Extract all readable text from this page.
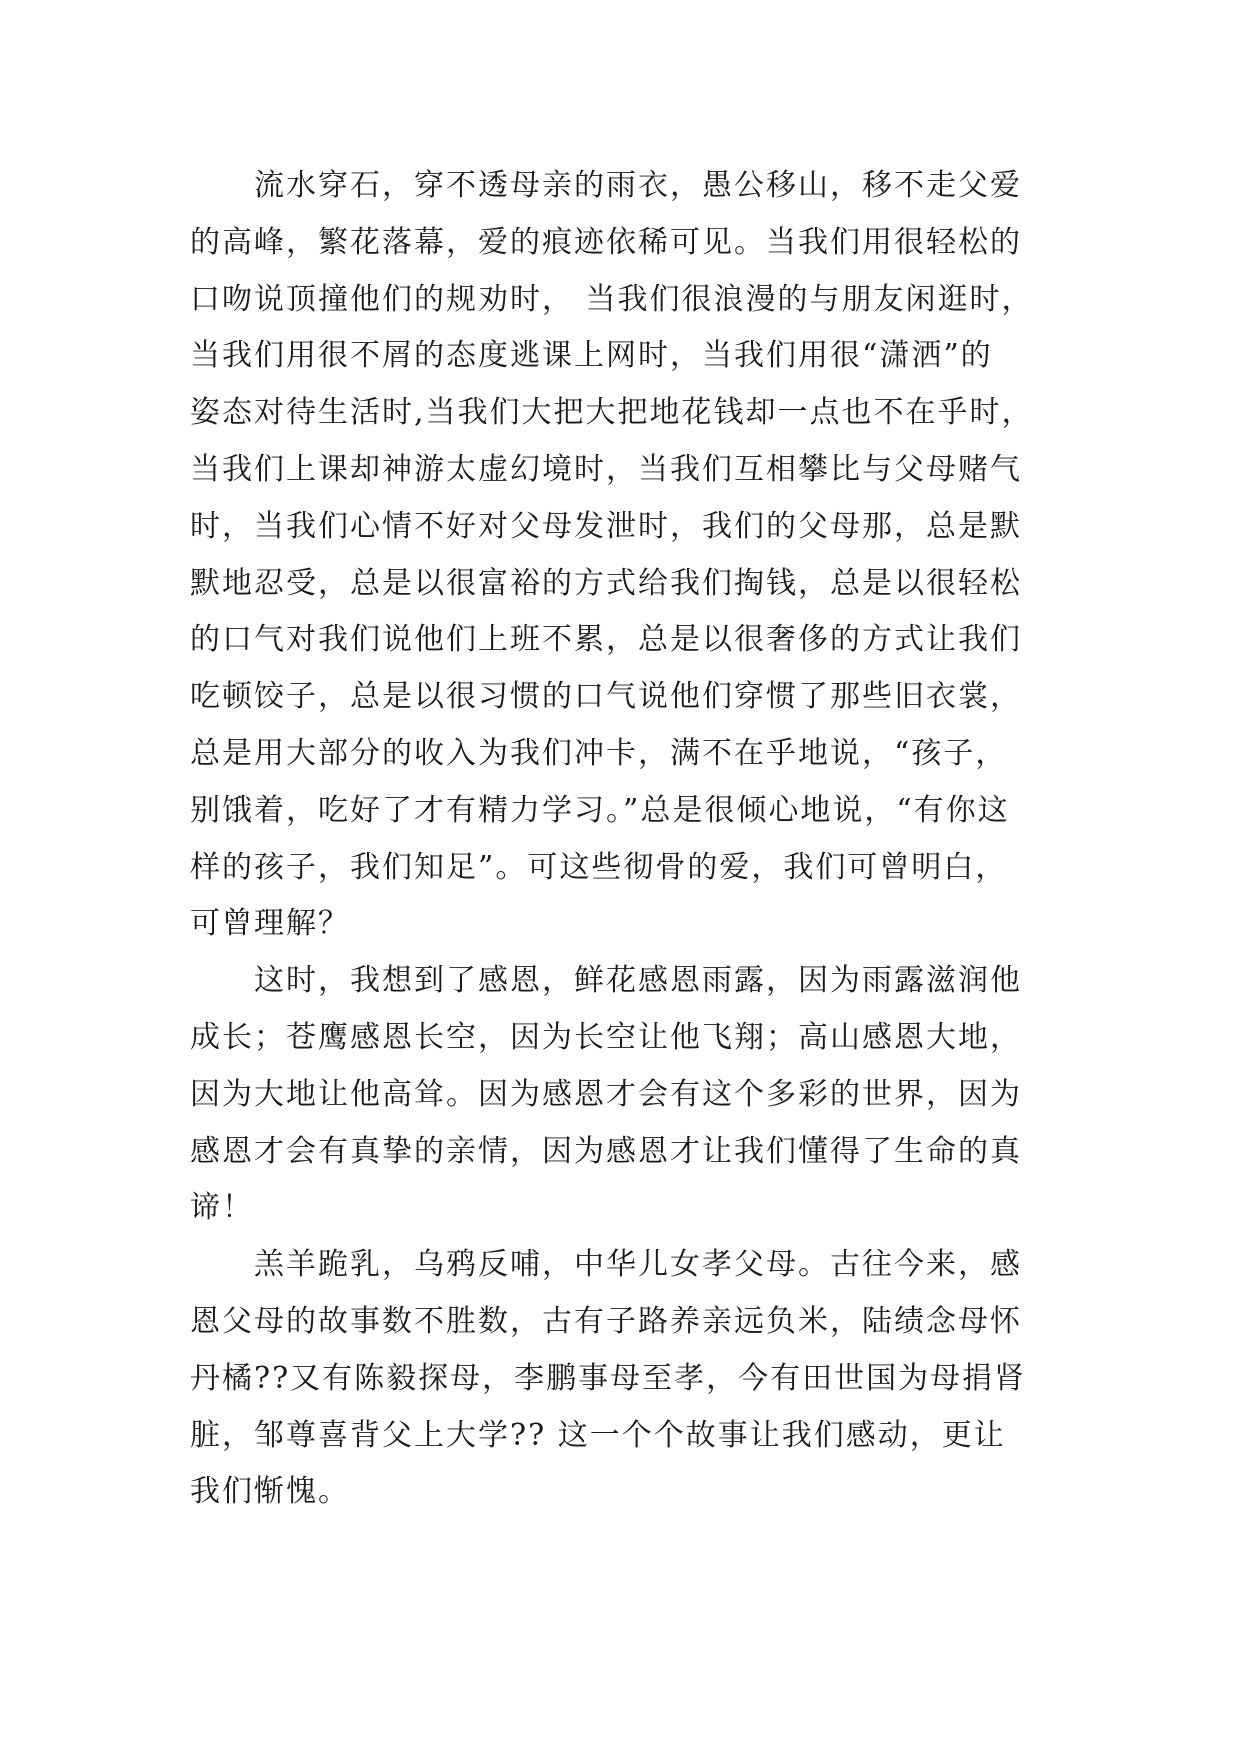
流水穿石，穿不透母亲的雨衣，愚公移山，移不走父爱
的高峰，繁花落幕，爱的痕迹依稀可见。当我们用很轻松的
口吻说顶撞他们的规劝时， 当我们很浪漫的与朋友闲逛时，
当我们用很不屑的态度逃课上网时，当我们用很“潇洒”的
姿态对待生活时,当我们大把大把地花钱却一点也不在乎时，
当我们上课却神游太虚幻境时，当我们互相攀比与父母赌气
时，当我们心情不好对父母发泄时，我们的父母那，总是默
默地忍受，总是以很富裕的方式给我们掏钱，总是以很轻松
的口气对我们说他们上班不累，总是以很奢侈的方式让我们
吃顿饺子，总是以很习惯的口气说他们穿惯了那些旧衣裳，
总是用大部分的收入为我们冲卡，满不在乎地说，“孩子，
别饿着，吃好了才有精力学习。”总是很倾心地说，“有你这
样的孩子，我们知足”。可这些彻骨的爱，我们可曾明白，
可曾理解？
这时，我想到了感恩，鲜花感恩雨露，因为雨露滋润他
成长；苍鹰感恩长空，因为长空让他飞翔；高山感恩大地，
因为大地让他高耸。因为感恩才会有这个多彩的世界，因为
感恩才会有真挚的亲情，因为感恩才让我们懂得了生命的真
谛！
羔羊跪乳，乌鸦反哺，中华儿女孝父母。古往今来，感
恩父母的故事数不胜数，古有子路养亲远负米，陆绩念母怀
丹橘??又有陈毅探母，李鹏事母至孝，今有田世国为母捐肾
脏，邹尊喜背父上大学?? 这一个个故事让我们感动，更让
我们惭愧。
